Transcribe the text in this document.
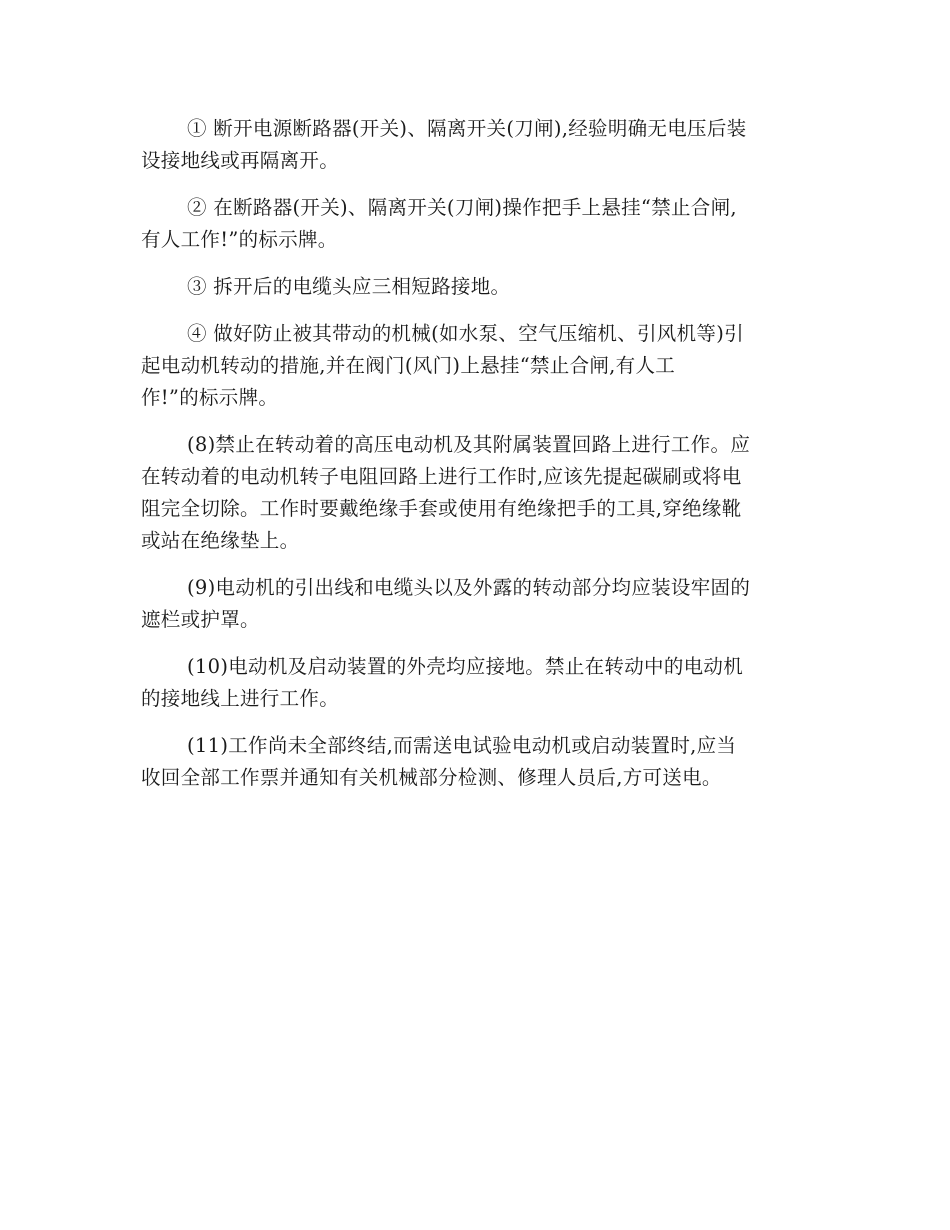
① 断开电源断路器(开关)、隔离开关(刀闸),经验明确无电压后装
设接地线或再隔离开。

② 在断路器(开关)、隔离开关(刀闸)操作把手上悬挂“禁止合闸,
有人工作!”的标示牌。

③ 拆开后的电缆头应三相短路接地。

④ 做好防止被其带动的机械(如水泵、空气压缩机、引风机等)引
起电动机转动的措施,并在阀门(风门)上悬挂“禁止合闸,有人工
作!”的标示牌。

(8)禁止在转动着的高压电动机及其附属装置回路上进行工作。应
在转动着的电动机转子电阻回路上进行工作时,应该先提起碳刷或将电
阻完全切除。工作时要戴绝缘手套或使用有绝缘把手的工具,穿绝缘靴
或站在绝缘垫上。

(9)电动机的引出线和电缆头以及外露的转动部分均应装设牢固的
遮栏或护罩。

(10)电动机及启动装置的外壳均应接地。禁止在转动中的电动机
的接地线上进行工作。

(11)工作尚未全部终结,而需送电试验电动机或启动装置时,应当
收回全部工作票并通知有关机械部分检测、修理人员后,方可送电。
